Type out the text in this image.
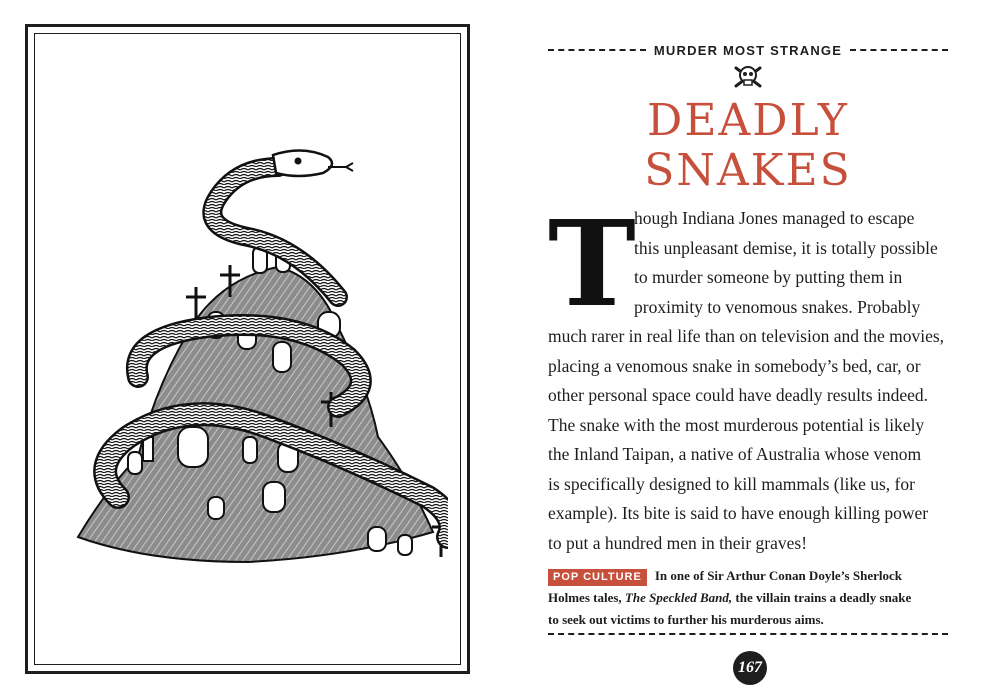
MURDER MOST STRANGE
DEADLY
SNAKES
T
hough Indiana Jones managed to escape
this unpleasant demise, it is totally possible
to murder someone by putting them in
proximity to venomous snakes. Probably
much rarer in real life than on television and the movies,
placing a venomous snake in somebody’s bed, car, or
other personal space could have deadly results indeed.
The snake with the most murderous potential is likely
the Inland Taipan, a native of Australia whose venom
is specifically designed to kill mammals (like us, for
example). Its bite is said to have enough killing power
to put a hundred men in their graves!
POP CULTURE In one of Sir Arthur Conan Doyle’s Sherlock
Holmes tales, The Speckled Band, the villain trains a deadly snake
to seek out victims to further his murderous aims.
167
